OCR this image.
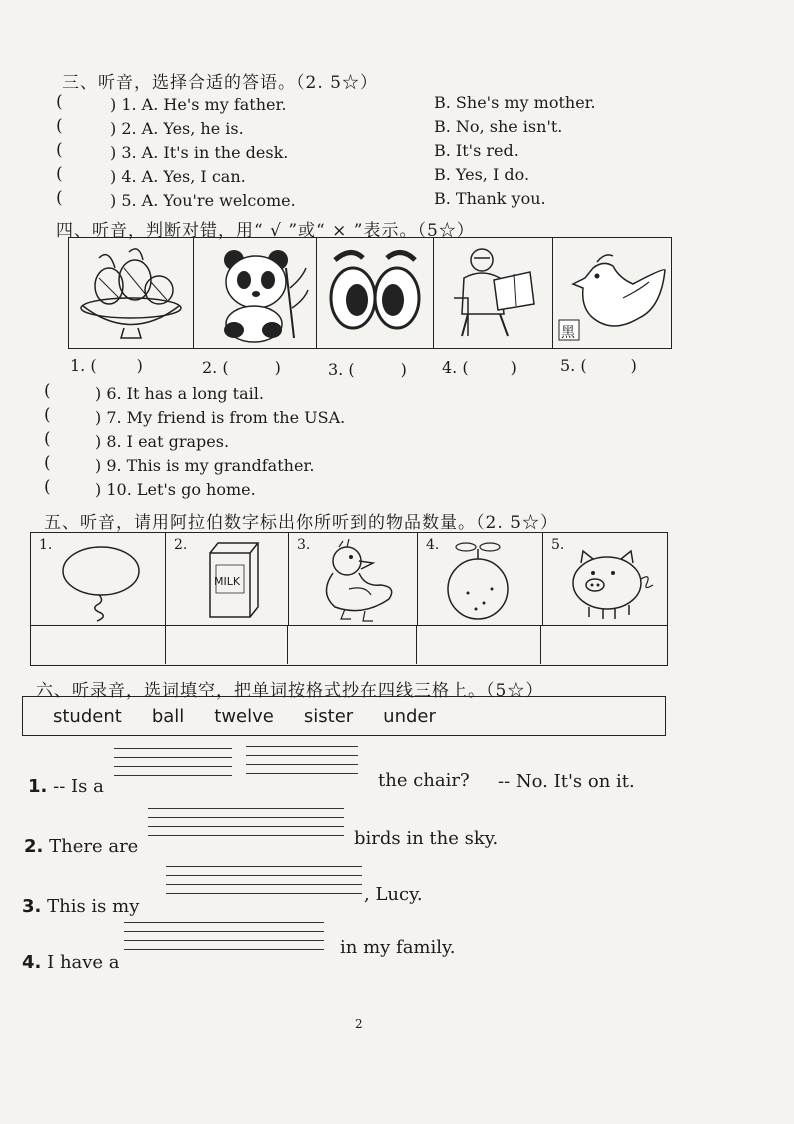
三、听音，选择合适的答语。（2. 5☆）
(	) 1. A. He's my father.	B. She's my mother.
(	) 2. A. Yes, he is.	B. No, she isn't.
(	) 3. A. It's in the desk.	B. It's red.
(	) 4. A. Yes, I can.	B. Yes, I do.
(	) 5. A. You're welcome.	B. Thank you.
四、听音，判断对错，用“ √ ”或“ × ”表示。（5☆）
黑
1. (	)	2. (	)	3. (	) 4. (	)	5. (	)
(	) 6. It has a long tail.
(	) 7. My friend is from the USA.
(	) 8. I eat grapes.
(	) 9. This is my grandfather.
(	) 10. Let's go home.
五、听音，请用阿拉伯数字标出你所听到的物品数量。（2. 5☆）
1.	2.
MILK
3.	4.	5.
六、听录音，选词填空，把单词按格式抄在四线三格上。（5☆）
student ball twelve sister under
1. -- Is a	the chair? -- No. It's on it.
2. There are	birds in the sky.
3. This is my
, Lucy.
4. I have a
in my family.
2
